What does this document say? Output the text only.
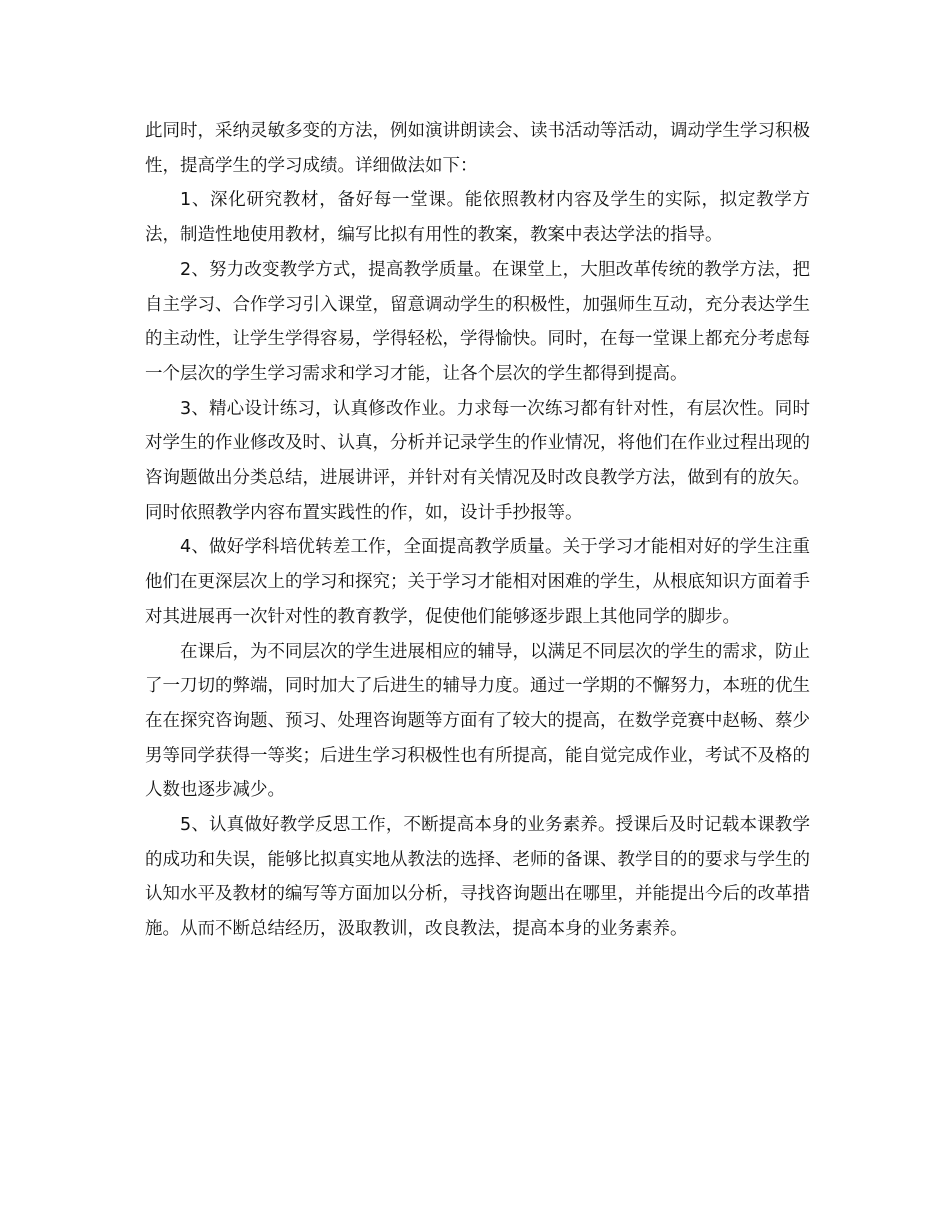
此同时，采纳灵敏多变的方法，例如演讲朗读会、读书活动等活动，调动学生学习积极性，提高学生的学习成绩。详细做法如下：

1、深化研究教材，备好每一堂课。能依照教材内容及学生的实际，拟定教学方法，制造性地使用教材，编写比拟有用性的教案，教案中表达学法的指导。

2、努力改变教学方式，提高教学质量。在课堂上，大胆改革传统的教学方法，把自主学习、合作学习引入课堂，留意调动学生的积极性，加强师生互动，充分表达学生的主动性，让学生学得容易，学得轻松，学得愉快。同时，在每一堂课上都充分考虑每一个层次的学生学习需求和学习才能，让各个层次的学生都得到提高。

3、精心设计练习，认真修改作业。力求每一次练习都有针对性，有层次性。同时对学生的作业修改及时、认真，分析并记录学生的作业情况，将他们在作业过程出现的咨询题做出分类总结，进展讲评，并针对有关情况及时改良教学方法，做到有的放矢。同时依照教学内容布置实践性的作，如，设计手抄报等。

4、做好学科培优转差工作，全面提高教学质量。关于学习才能相对好的学生注重他们在更深层次上的学习和探究；关于学习才能相对困难的学生，从根底知识方面着手对其进展再一次针对性的教育教学，促使他们能够逐步跟上其他同学的脚步。

在课后，为不同层次的学生进展相应的辅导，以满足不同层次的学生的需求，防止了一刀切的弊端，同时加大了后进生的辅导力度。通过一学期的不懈努力，本班的优生在在探究咨询题、预习、处理咨询题等方面有了较大的提高，在数学竞赛中赵畅、蔡少男等同学获得一等奖；后进生学习积极性也有所提高，能自觉完成作业，考试不及格的人数也逐步减少。

5、认真做好教学反思工作，不断提高本身的业务素养。授课后及时记载本课教学的成功和失误，能够比拟真实地从教法的选择、老师的备课、教学目的的要求与学生的认知水平及教材的编写等方面加以分析，寻找咨询题出在哪里，并能提出今后的改革措施。从而不断总结经历，汲取教训，改良教法，提高本身的业务素养。
